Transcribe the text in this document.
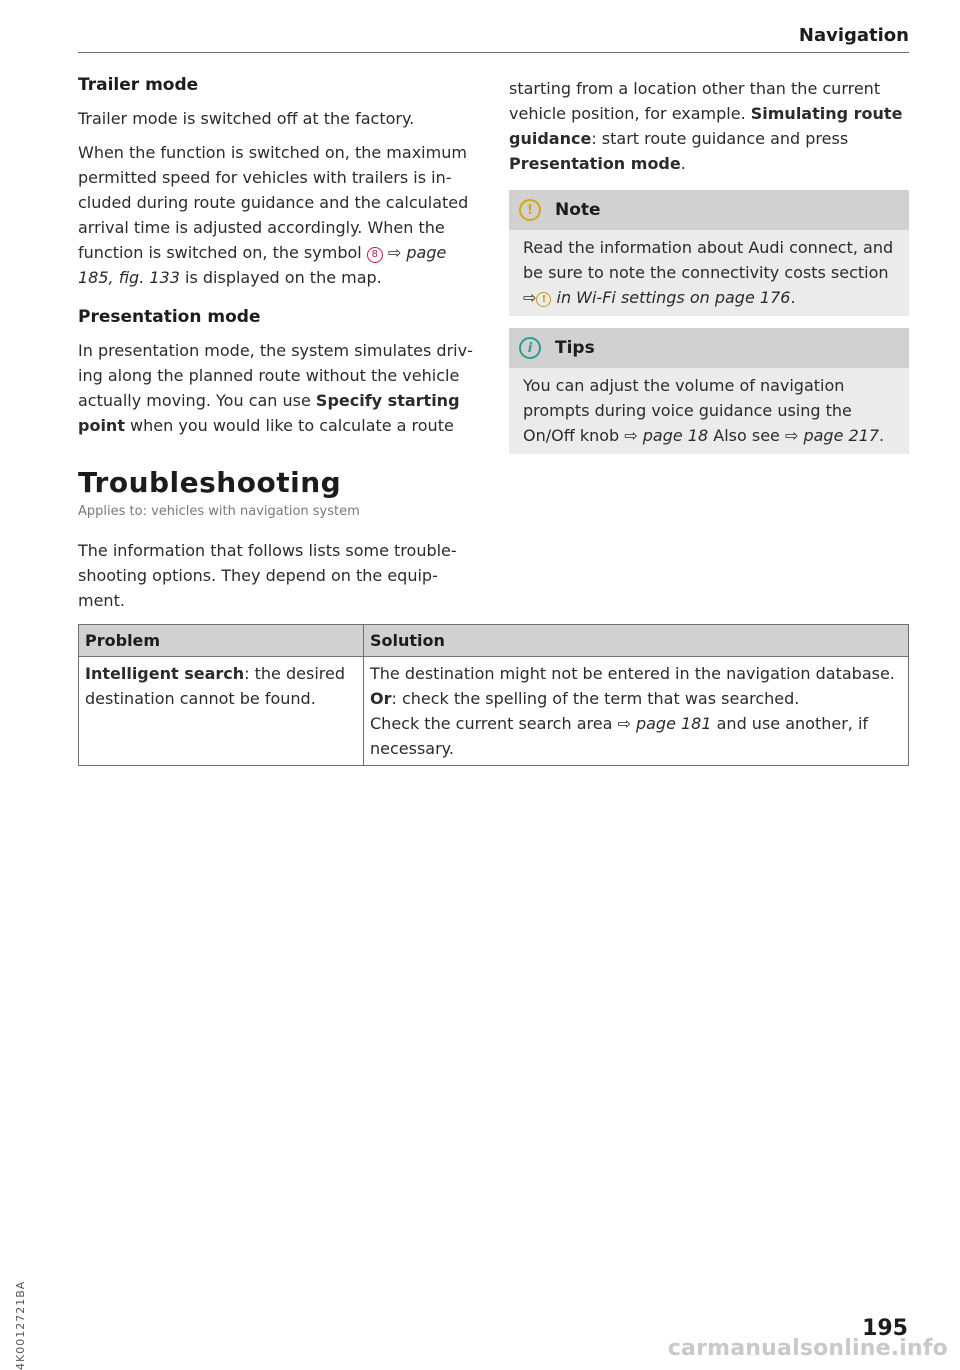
Navigation
Trailer mode

Trailer mode is switched off at the factory.

When the function is switched on, the maximum permitted speed for vehicles with trailers is included during route guidance and the calculated arrival time is adjusted accordingly. When the function is switched on, the symbol 8 ⇨ page 185, fig. 133 is displayed on the map.

Presentation mode

In presentation mode, the system simulates driving along the planned route without the vehicle actually moving. You can use Specify starting point when you would like to calculate a route

starting from a location other than the current vehicle position, for example. Simulating route guidance: start route guidance and press Presentation mode.

!	Note
Read the information about Audi connect, and be sure to note the connectivity costs section ⇨ ! in Wi-Fi settings on page 176.
i	Tips
You can adjust the volume of navigation prompts during voice guidance using the On/Off knob ⇨ page 18 Also see ⇨ page 217.
Troubleshooting
Applies to: vehicles with navigation system
The information that follows lists some troubleshooting options. They depend on the equipment.
Problem	Solution
Intelligent search: the desired destination cannot be found.	The destination might not be entered in the navigation database.
Or: check the spelling of the term that was searched.
Check the current search area ⇨ page 181 and use another, if necessary.
4K0012721BA	195
carmanualsonline.info
